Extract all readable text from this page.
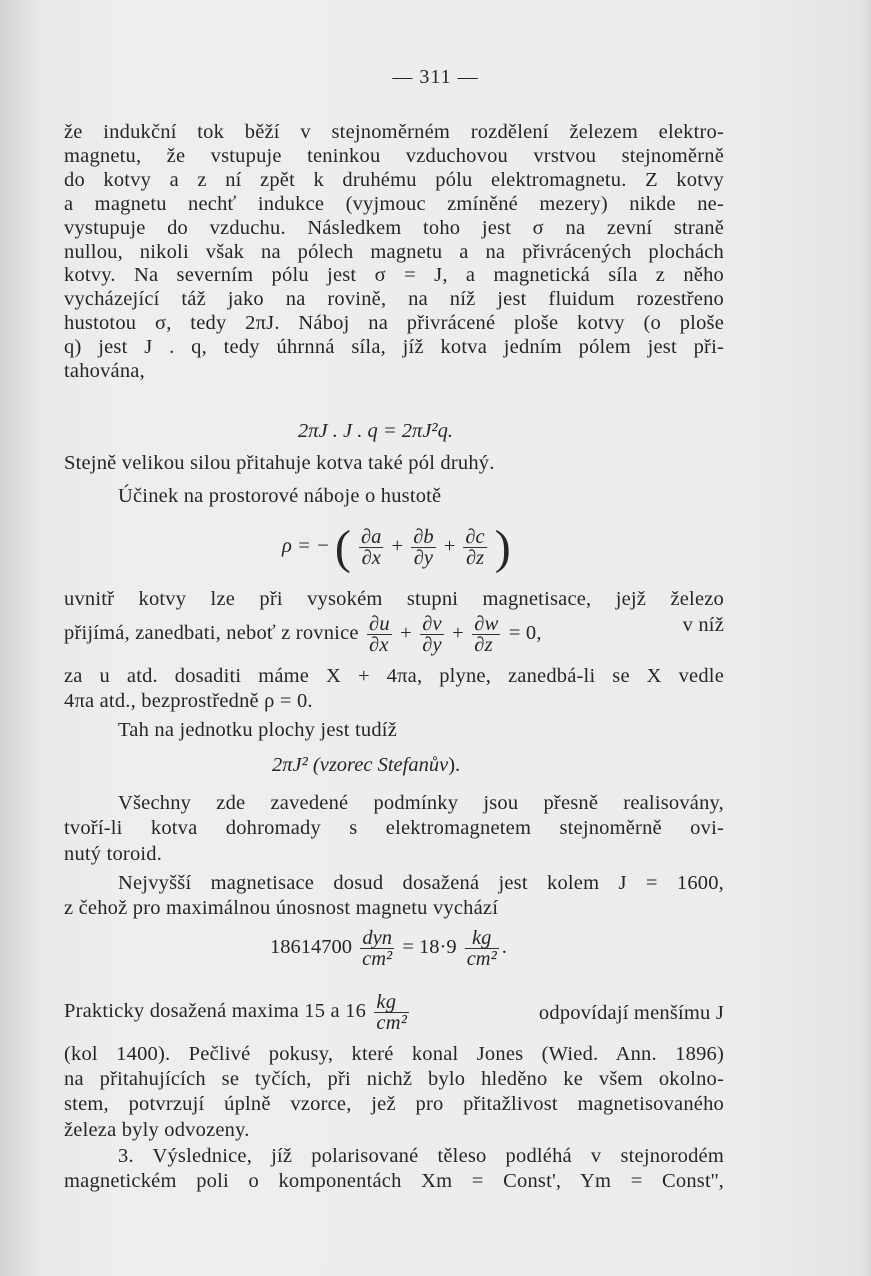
— 311 —
že indukční tok běží v stejnoměrném rozdělení železem elektro-
magnetu, že vstupuje teninkou vzduchovou vrstvou stejnoměrně
do kotvy a z ní zpět k druhému pólu elektromagnetu. Z kotvy
a magnetu nechť indukce (vyjmouc zmíněné mezery) nikde ne-
vystupuje do vzduchu. Následkem toho jest σ na zevní straně
nullou, nikoli však na pólech magnetu a na přivrácených plochách
kotvy. Na severním pólu jest σ = J, a magnetická síla z něho
vycházející táž jako na rovině, na níž jest fluidum rozestřeno
hustotou σ, tedy 2πJ. Náboj na přivrácené ploše kotvy (o ploše
q) jest J . q, tedy úhrnná síla, jíž kotva jedním pólem jest při-
tahována,
2πJ . J . q = 2πJ²q.
Stejně velikou silou přitahuje kotva také pól druhý.
Účinek na prostorové náboje o hustotě
ρ = − ( $\frac{\partial a}{\partial x} + \frac{\partial b}{\partial y} + \frac{\partial c}{\partial z}$ )
uvnitř kotvy lze při vysokém stupni magnetisace, jejž železo
přijímá, zanedbati, neboť z rovnice $\frac{\partial u}{\partial x} + \frac{\partial v}{\partial y} + \frac{\partial w}{\partial z} = 0$,	v níž
za u atd. dosaditi máme X + 4πa, plyne, zanedbá-li se X vedle
4πa atd., bezprostředně ρ = 0.
Tah na jednotku plochy jest tudíž
2πJ² (vzorec Stefanův).
Všechny zde zavedené podmínky jsou přesně realisovány,
tvoří-li kotva dohromady s elektromagnetem stejnoměrně ovi-
nutý toroid.
Nejvyšší magnetisace dosud dosažená jest kolem J = 1600,
z čehož pro maximálnou únosnost magnetu vychází
$18614700 \frac{\text{dyn}}{\text{cm²}} = 18\cdot 9 \frac{kg}{\text{cm²}}$ .
Prakticky dosažená maxima 15 a $16 \frac{kg}{\text{cm²}}$	odpovídají menšímu J
(kol 1400). Pečlivé pokusy, které konal Jones (Wied. Ann. 1896)
na přitahujících se tyčích, při nichž bylo hleděno ke všem okolno-
stem, potvrzují úplně vzorce, jež pro přitažlivost magnetisovaného
železa byly odvozeny.
3. Výslednice, jíž polarisované těleso podléhá v stejnorodém
magnetickém poli o komponentách Xm = Const', Ym = Const'',
